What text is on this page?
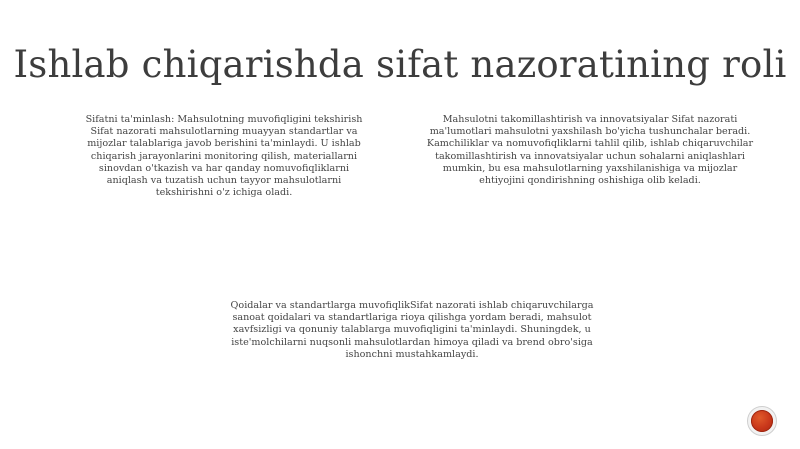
Ishlab chiqarishda sifat nazoratining roli
Sifatni ta'minlash: Mahsulotning muvofiqligini tekshirish Sifat nazorati mahsulotlarning muayyan standartlar va mijozlar talablariga javob berishini ta'minlaydi. U ishlab chiqarish jarayonlarini monitoring qilish, materiallarni sinovdan o'tkazish va har qanday nomuvofiqliklarni aniqlash va tuzatish uchun tayyor mahsulotlarni tekshirishni o'z ichiga oladi.
Mahsulotni takomillashtirish va innovatsiyalar Sifat nazorati ma'lumotlari mahsulotni yaxshilash bo'yicha tushunchalar beradi. Kamchiliklar va nomuvofiqliklarni tahlil qilib, ishlab chiqaruvchilar takomillashtirish va innovatsiyalar uchun sohalarni aniqlashlari mumkin, bu esa mahsulotlarning yaxshilanishiga va mijozlar ehtiyojini qondirishning oshishiga olib keladi.
Qoidalar va standartlarga muvofiqlikSifat nazorati ishlab chiqaruvchilarga sanoat qoidalari va standartlariga rioya qilishga yordam beradi, mahsulot xavfsizligi va qonuniy talablarga muvofiqligini ta'minlaydi. Shuningdek, u iste'molchilarni nuqsonli mahsulotlardan himoya qiladi va brend obro'siga ishonchni mustahkamlaydi.
